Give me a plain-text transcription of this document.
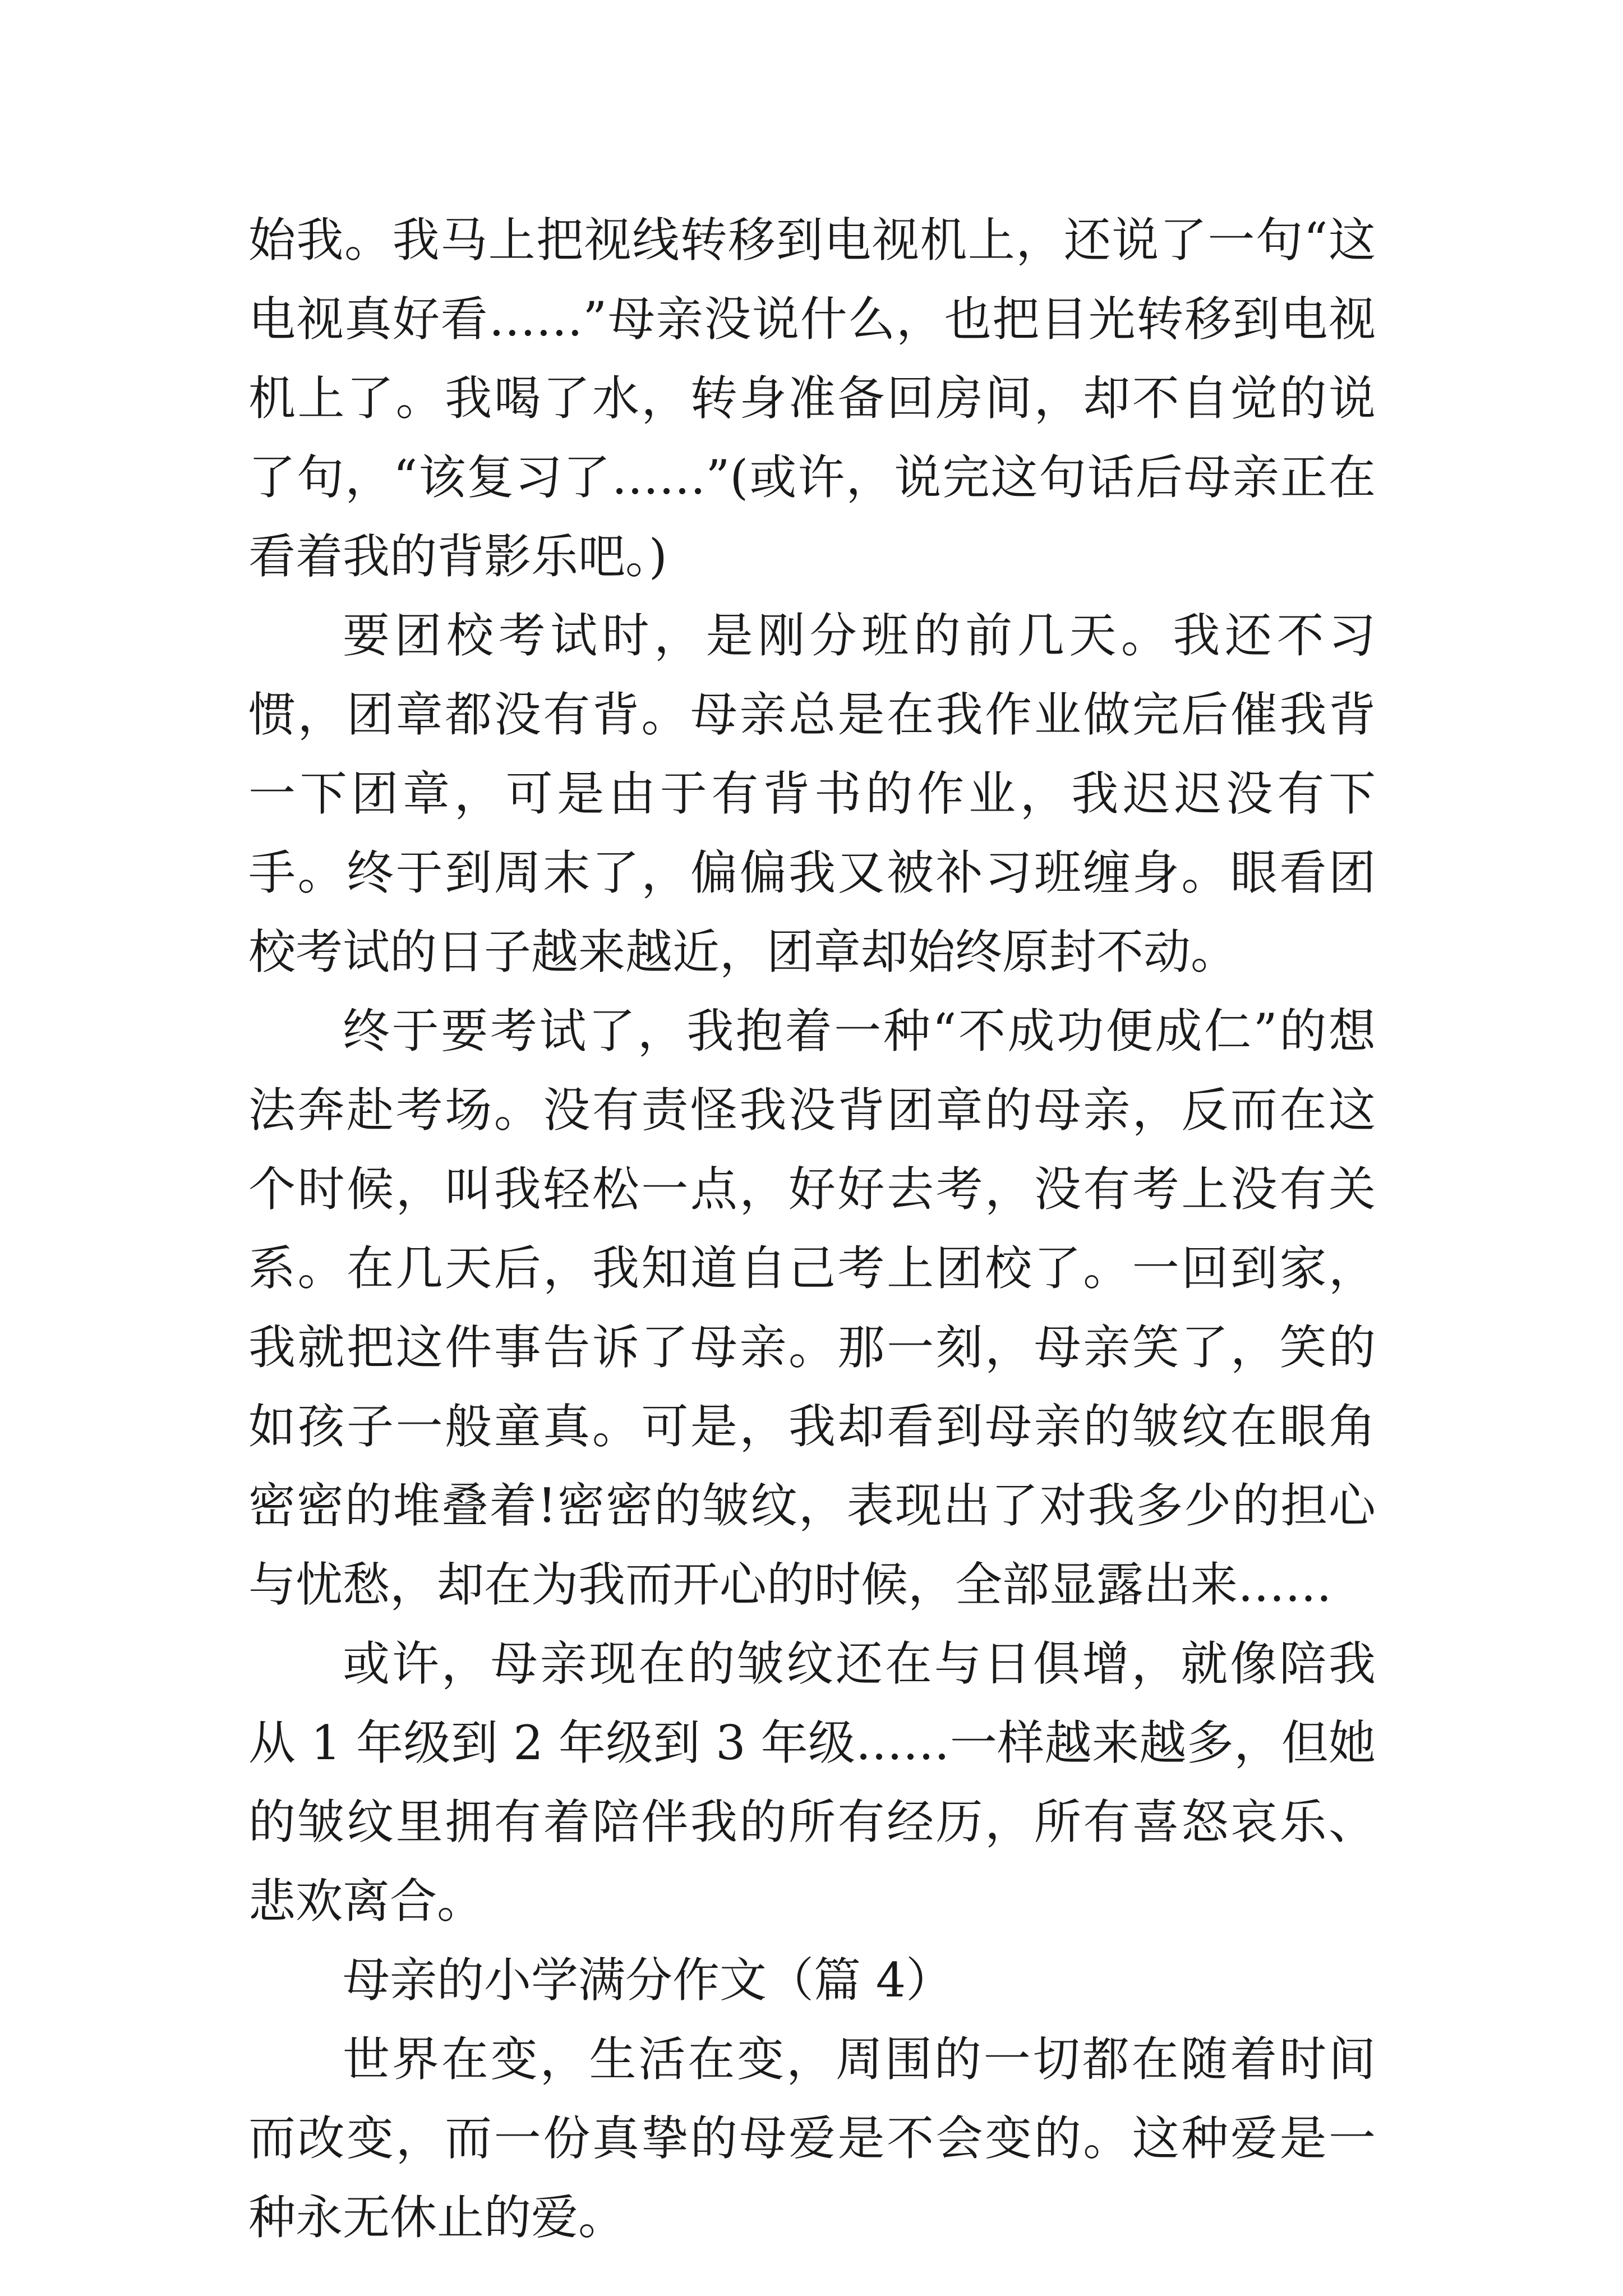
始我。我马上把视线转移到电视机上，还说了一句“这电视真好看……”母亲没说什么，也把目光转移到电视机上了。我喝了水，转身准备回房间，却不自觉的说了句，“该复习了……”(或许，说完这句话后母亲正在看着我的背影乐吧。)

要团校考试时，是刚分班的前几天。我还不习惯，团章都没有背。母亲总是在我作业做完后催我背一下团章，可是由于有背书的作业，我迟迟没有下手。终于到周末了，偏偏我又被补习班缠身。眼看团校考试的日子越来越近，团章却始终原封不动。

终于要考试了，我抱着一种“不成功便成仁”的想法奔赴考场。没有责怪我没背团章的母亲，反而在这个时候，叫我轻松一点，好好去考，没有考上没有关系。在几天后，我知道自己考上团校了。一回到家，我就把这件事告诉了母亲。那一刻，母亲笑了，笑的如孩子一般童真。可是，我却看到母亲的皱纹在眼角密密的堆叠着!密密的皱纹，表现出了对我多少的担心与忧愁，却在为我而开心的时候，全部显露出来……

或许，母亲现在的皱纹还在与日俱增，就像陪我从 1 年级到 2 年级到 3 年级……一样越来越多，但她的皱纹里拥有着陪伴我的所有经历，所有喜怒哀乐、悲欢离合。

母亲的小学满分作文（篇 4）

世界在变，生活在变，周围的一切都在随着时间而改变，而一份真挚的母爱是不会变的。这种爱是一种永无休止的爱。
